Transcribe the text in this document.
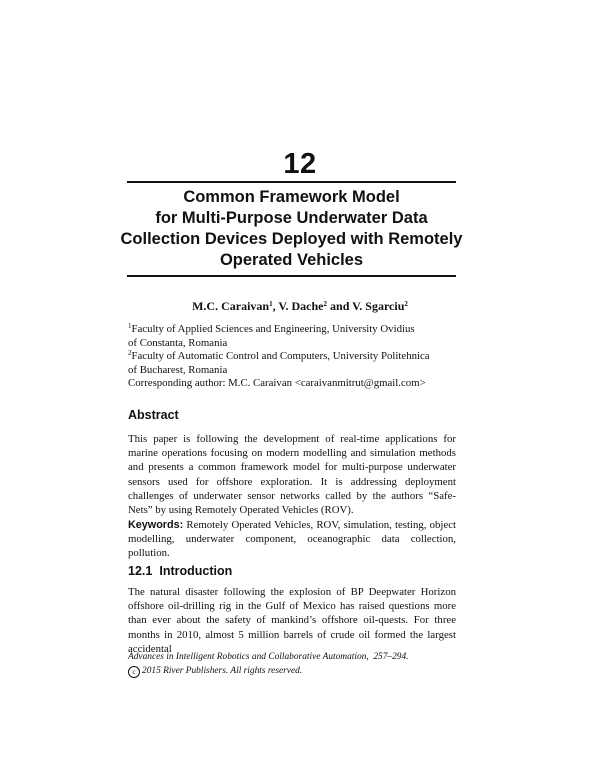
12
Common Framework Model
for Multi-Purpose Underwater Data
Collection Devices Deployed with Remotely
Operated Vehicles
M.C. Caraivan$^1$, V. Dache$^2$ and V. Sgarciu$^2$
$^1$Faculty of Applied Sciences and Engineering, University Ovidius
of Constanta, Romania
$^2$Faculty of Automatic Control and Computers, University Politehnica
of Bucharest, Romania
Corresponding author: M.C. Caraivan <caraivanmitrut@gmail.com>
Abstract
This paper is following the development of real-time applications for marine operations focusing on modern modelling and simulation methods and presents a common framework model for multi-purpose underwater sensors used for offshore exploration. It is addressing deployment challenges of underwater sensor networks called by the authors “Safe-Nets” by using Remotely Operated Vehicles (ROV).
Keywords: Remotely Operated Vehicles, ROV, simulation, testing, object modelling, underwater component, oceanographic data collection, pollution.
12.1 Introduction
The natural disaster following the explosion of BP Deepwater Horizon offshore oil-drilling rig in the Gulf of Mexico has raised questions more than ever about the safety of mankind’s offshore oil-quests. For three months in 2010, almost 5 million barrels of crude oil formed the largest accidental
Advances in Intelligent Robotics and Collaborative Automation,  257–294.
c 2015 River Publishers. All rights reserved.
